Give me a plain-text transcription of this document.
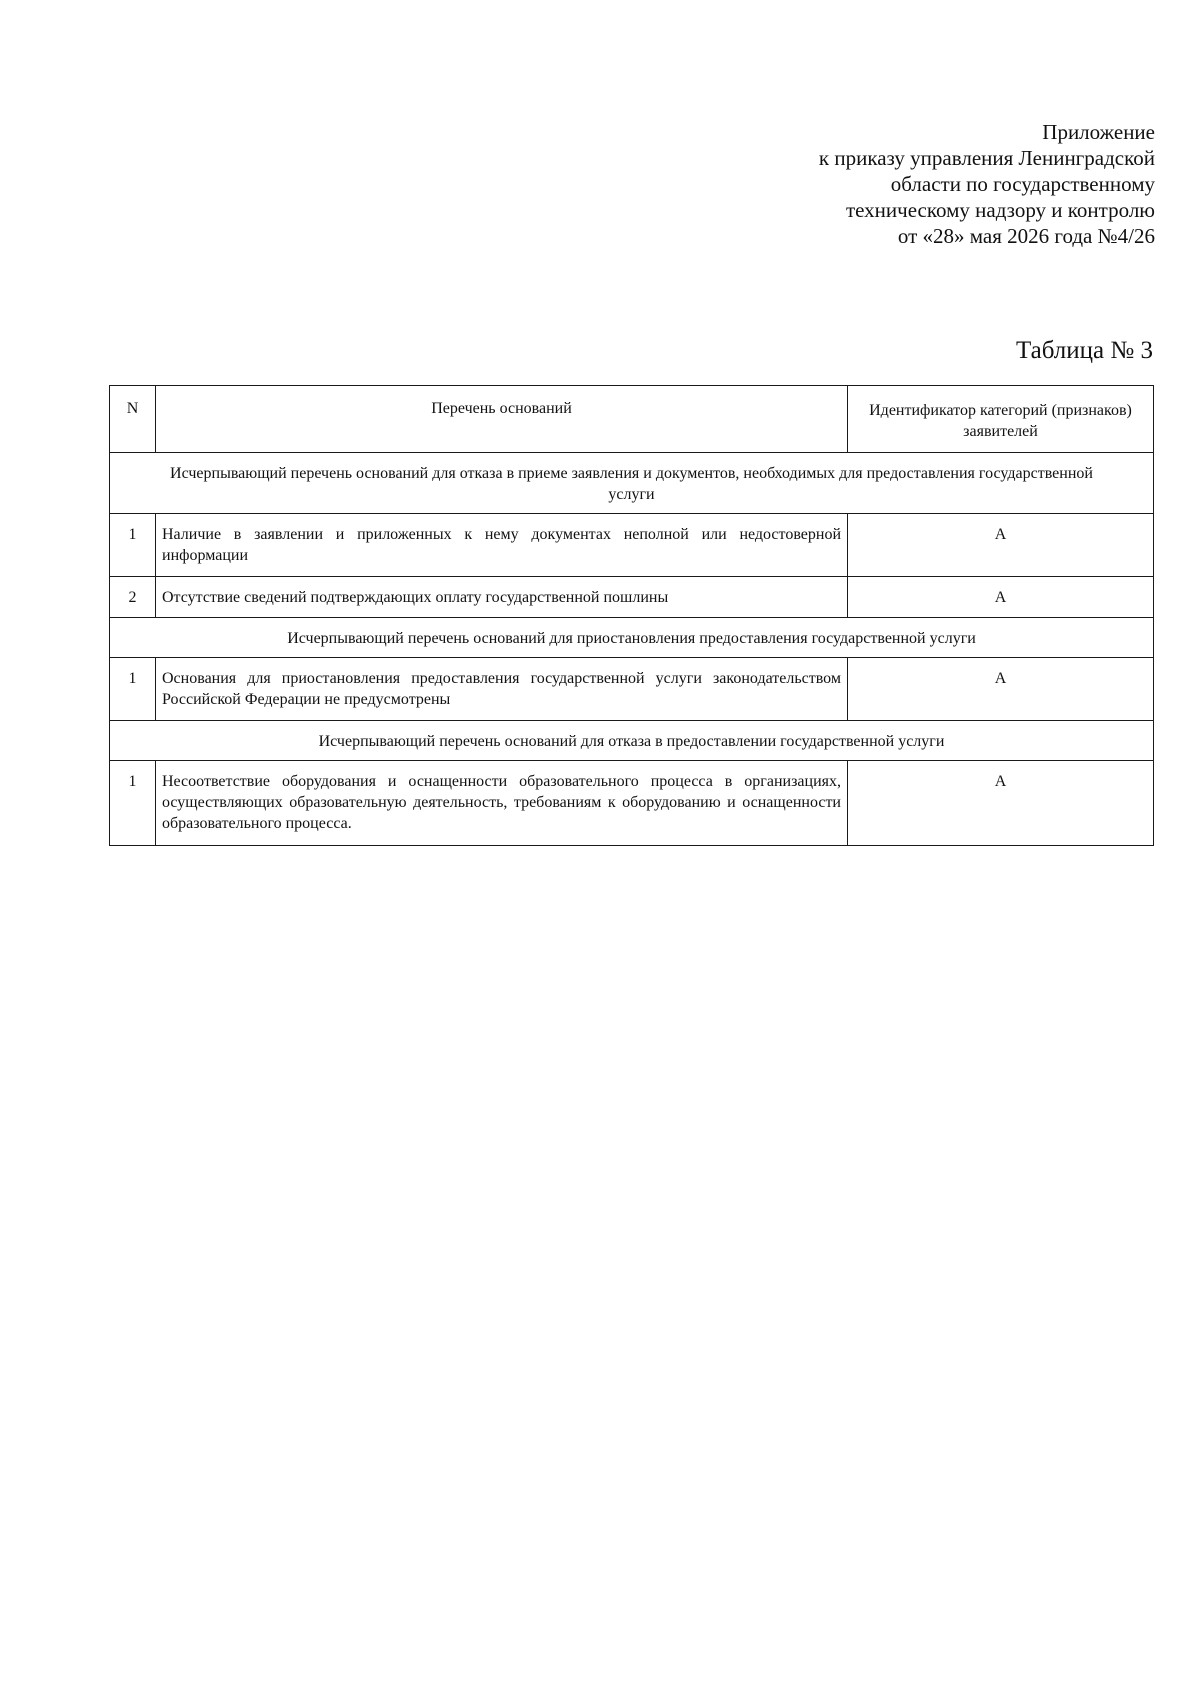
Приложение
к приказу управления Ленинградской
области по государственному
техническому надзору и контролю
от «28» мая 2026 года №4/26
Таблица № 3
N	Перечень оснований	Идентификатор категорий (признаков) заявителей
Исчерпывающий перечень оснований для отказа в приеме заявления и документов, необходимых для предоставления государственной услуги		
1	Наличие в заявлении и приложенных к нему документах неполной или недостоверной информации	А
2	Отсутствие сведений подтверждающих оплату государственной пошлины	А
Исчерпывающий перечень оснований для приостановления предоставления государственной услуги		
1	Основания для приостановления предоставления государственной услуги законодательством Российской Федерации не предусмотрены	А
Исчерпывающий перечень оснований для отказа в предоставлении государственной услуги		
1	Несоответствие оборудования и оснащенности образовательного процесса в организациях, осуществляющих образовательную деятельность, требованиям к оборудованию и оснащенности образовательного процесса.	А
